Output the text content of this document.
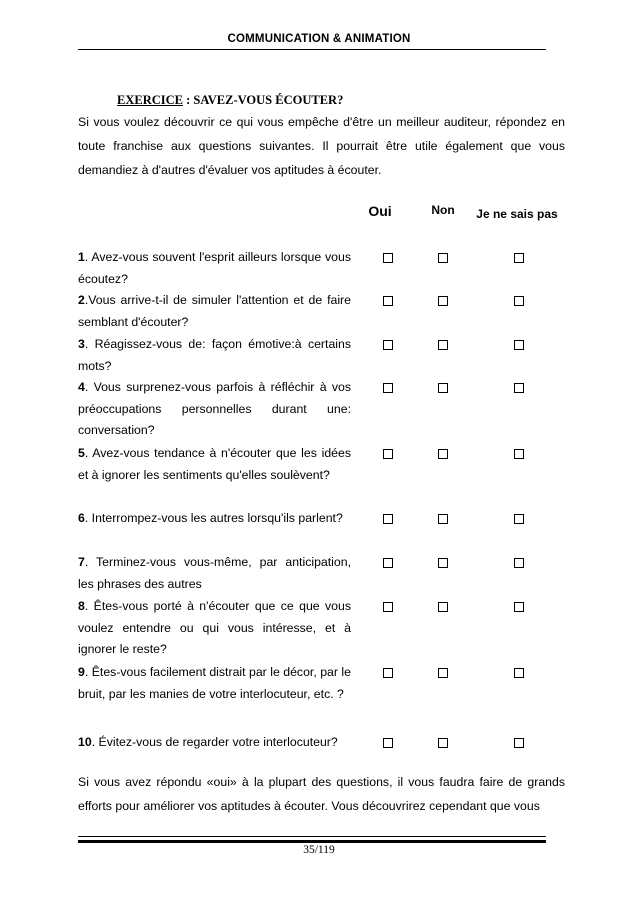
COMMUNICATION & ANIMATION
EXERCICE : SAVEZ-VOUS ÉCOUTER?
Si vous voulez découvrir ce qui vous empêche d'être un meilleur auditeur, répondez en toute franchise aux questions suivantes. Il pourrait être utile également que vous demandiez à d'autres d'évaluer vos aptitudes à écouter.
Oui	Non	Je ne sais pas
1. Avez-vous souvent l'esprit ailleurs lorsque vous écoutez?
2.Vous arrive-t-il de simuler l'attention et de faire semblant d'écouter?
3. Réagissez-vous de: façon émotive:à certains mots?
4. Vous surprenez-vous parfois à réfléchir à vos préoccupations personnelles durant une: conversation?
5. Avez-vous tendance à n'écouter que les idées et à ignorer les sentiments qu'elles soulèvent?
6. Interrompez-vous les autres lorsqu'ils parlent?
7. Terminez-vous vous-même, par anticipation, les phrases des autres
8. Êtes-vous porté à n'écouter que ce que vous voulez entendre ou qui vous intéresse, et à ignorer le reste?
9. Êtes-vous facilement distrait par le décor, par le bruit, par les manies de votre interlocuteur, etc. ?
10. Évitez-vous de regarder votre interlocuteur?
Si vous avez répondu «oui» à la plupart des questions, il vous faudra faire de grands efforts pour améliorer vos aptitudes à écouter. Vous découvrirez cependant que vous
35/119
